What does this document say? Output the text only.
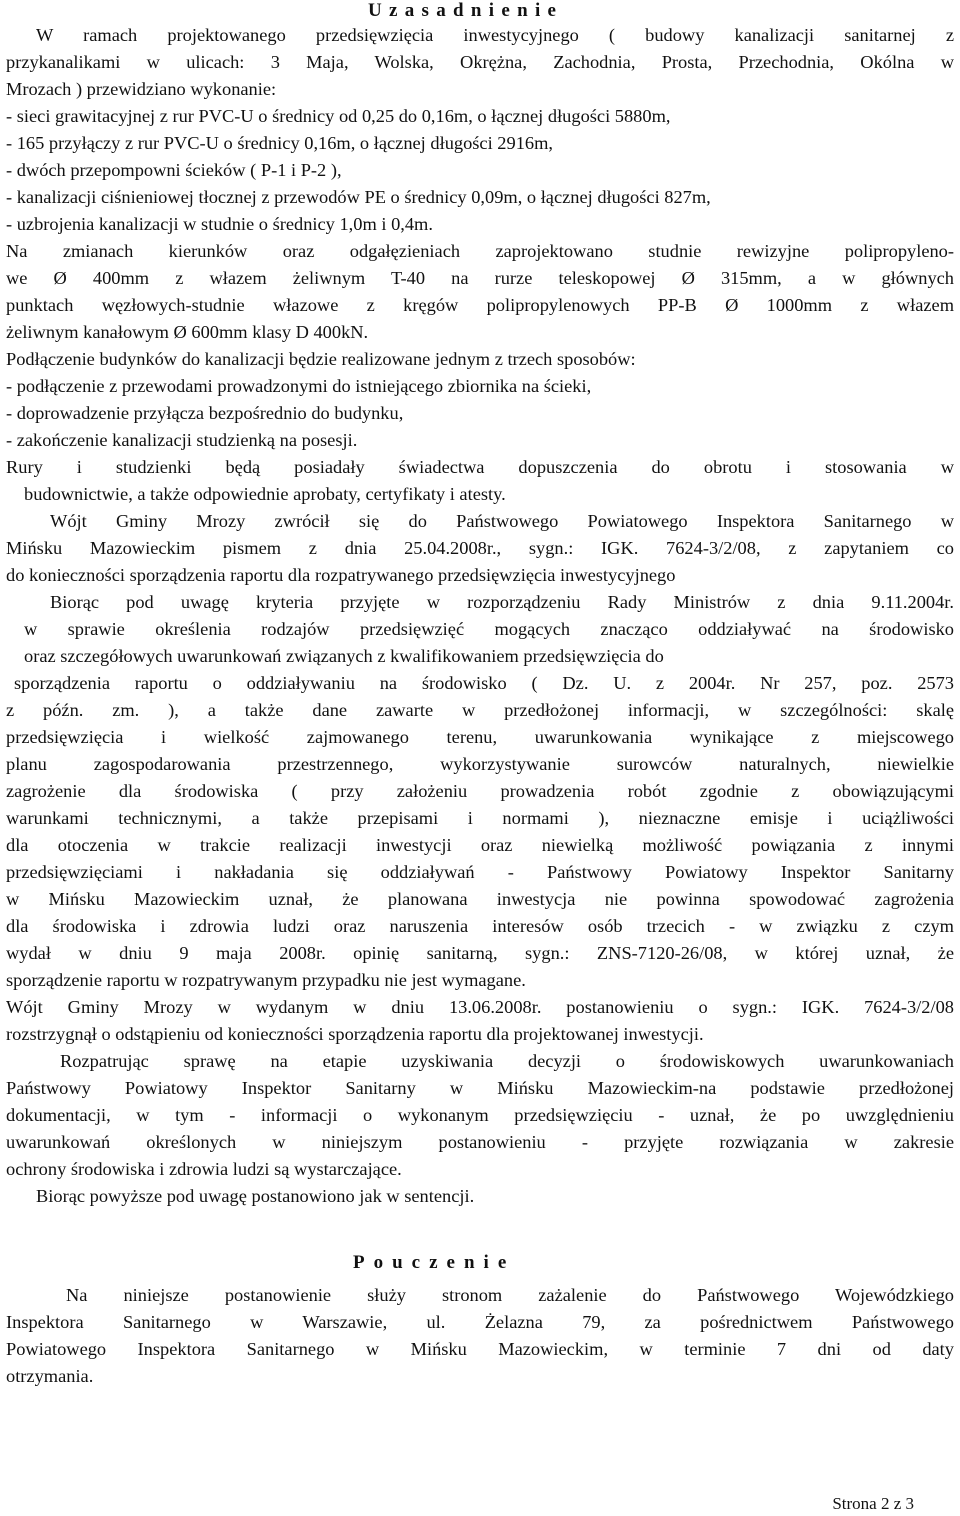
Uzasadnienie
W ramach projektowanego przedsięwzięcia inwestycyjnego ( budowy kanalizacji sanitarnej z
przykanalikami w ulicach: 3 Maja, Wolska, Okrężna, Zachodnia, Prosta, Przechodnia, Okólna w
Mrozach ) przewidziano wykonanie:
- sieci grawitacyjnej z rur PVC-U o średnicy od 0,25 do 0,16m, o łącznej długości 5880m,
- 165 przyłączy z rur PVC-U o średnicy 0,16m, o łącznej długości 2916m,
- dwóch przepompowni ścieków ( P-1 i P-2 ),
- kanalizacji ciśnieniowej tłocznej z przewodów PE o średnicy 0,09m, o łącznej długości 827m,
- uzbrojenia kanalizacji w studnie o średnicy 1,0m i 0,4m.
Na zmianach kierunków oraz odgałęzieniach zaprojektowano studnie rewizyjne polipropyleno-
we Ø 400mm z włazem żeliwnym T-40 na rurze teleskopowej Ø 315mm, a w głównych
punktach węzłowych-studnie włazowe z kręgów polipropylenowych PP-B Ø 1000mm z włazem
żeliwnym kanałowym Ø 600mm klasy D 400kN.
Podłączenie budynków do kanalizacji będzie realizowane jednym z trzech sposobów:
- podłączenie z przewodami prowadzonymi do istniejącego zbiornika na ścieki,
- doprowadzenie przyłącza bezpośrednio do budynku,
- zakończenie kanalizacji studzienką na posesji.
Rury i studzienki będą posiadały świadectwa dopuszczenia do obrotu i stosowania w
budownictwie, a także odpowiednie aprobaty, certyfikaty i atesty.
Wójt Gminy Mrozy zwrócił się do Państwowego Powiatowego Inspektora Sanitarnego w
Mińsku Mazowieckim pismem z dnia 25.04.2008r., sygn.: IGK. 7624-3/2/08, z zapytaniem co
do konieczności sporządzenia raportu dla rozpatrywanego przedsięwzięcia inwestycyjnego
Biorąc pod uwagę kryteria przyjęte w rozporządzeniu Rady Ministrów z dnia 9.11.2004r.
w sprawie określenia rodzajów przedsięwzięć mogących znacząco oddziaływać na środowisko
oraz szczegółowych uwarunkowań związanych z kwalifikowaniem przedsięwzięcia do
sporządzenia raportu o oddziaływaniu na środowisko ( Dz. U. z 2004r. Nr 257, poz. 2573
z późn. zm. ), a także dane zawarte w przedłożonej informacji, w szczególności: skalę
przedsięwzięcia i wielkość zajmowanego terenu, uwarunkowania wynikające z miejscowego
planu zagospodarowania przestrzennego, wykorzystywanie surowców naturalnych, niewielkie
zagrożenie dla środowiska ( przy założeniu prowadzenia robót zgodnie z obowiązującymi
warunkami technicznymi, a także przepisami i normami ), nieznaczne emisje i uciążliwości
dla otoczenia w trakcie realizacji inwestycji oraz niewielką możliwość powiązania z innymi
przedsięwzięciami i nakładania się oddziaływań - Państwowy Powiatowy Inspektor Sanitarny
w Mińsku Mazowieckim uznał, że planowana inwestycja nie powinna spowodować zagrożenia
dla środowiska i zdrowia ludzi oraz naruszenia interesów osób trzecich - w związku z czym
wydał w dniu 9 maja 2008r. opinię sanitarną, sygn.: ZNS-7120-26/08, w której uznał, że
sporządzenie raportu w rozpatrywanym przypadku nie jest wymagane.
Wójt Gminy Mrozy w wydanym w dniu 13.06.2008r. postanowieniu o sygn.: IGK. 7624-3/2/08
rozstrzygnął o odstąpieniu od konieczności sporządzenia raportu dla projektowanej inwestycji.
Rozpatrując sprawę na etapie uzyskiwania decyzji o środowiskowych uwarunkowaniach
Państwowy Powiatowy Inspektor Sanitarny w Mińsku Mazowieckim-na podstawie przedłożonej
dokumentacji, w tym - informacji o wykonanym przedsięwzięciu - uznał, że po uwzględnieniu
uwarunkowań określonych w niniejszym postanowieniu - przyjęte rozwiązania w zakresie
ochrony środowiska i zdrowia ludzi są wystarczające.
Biorąc powyższe pod uwagę postanowiono jak w sentencji.
Pouczenie
Na niniejsze postanowienie służy stronom zażalenie do Państwowego Wojewódzkiego
Inspektora Sanitarnego w Warszawie, ul. Żelazna 79, za pośrednictwem Państwowego
Powiatowego Inspektora Sanitarnego w Mińsku Mazowieckim, w terminie 7 dni od daty
otrzymania.
Strona 2 z 3
